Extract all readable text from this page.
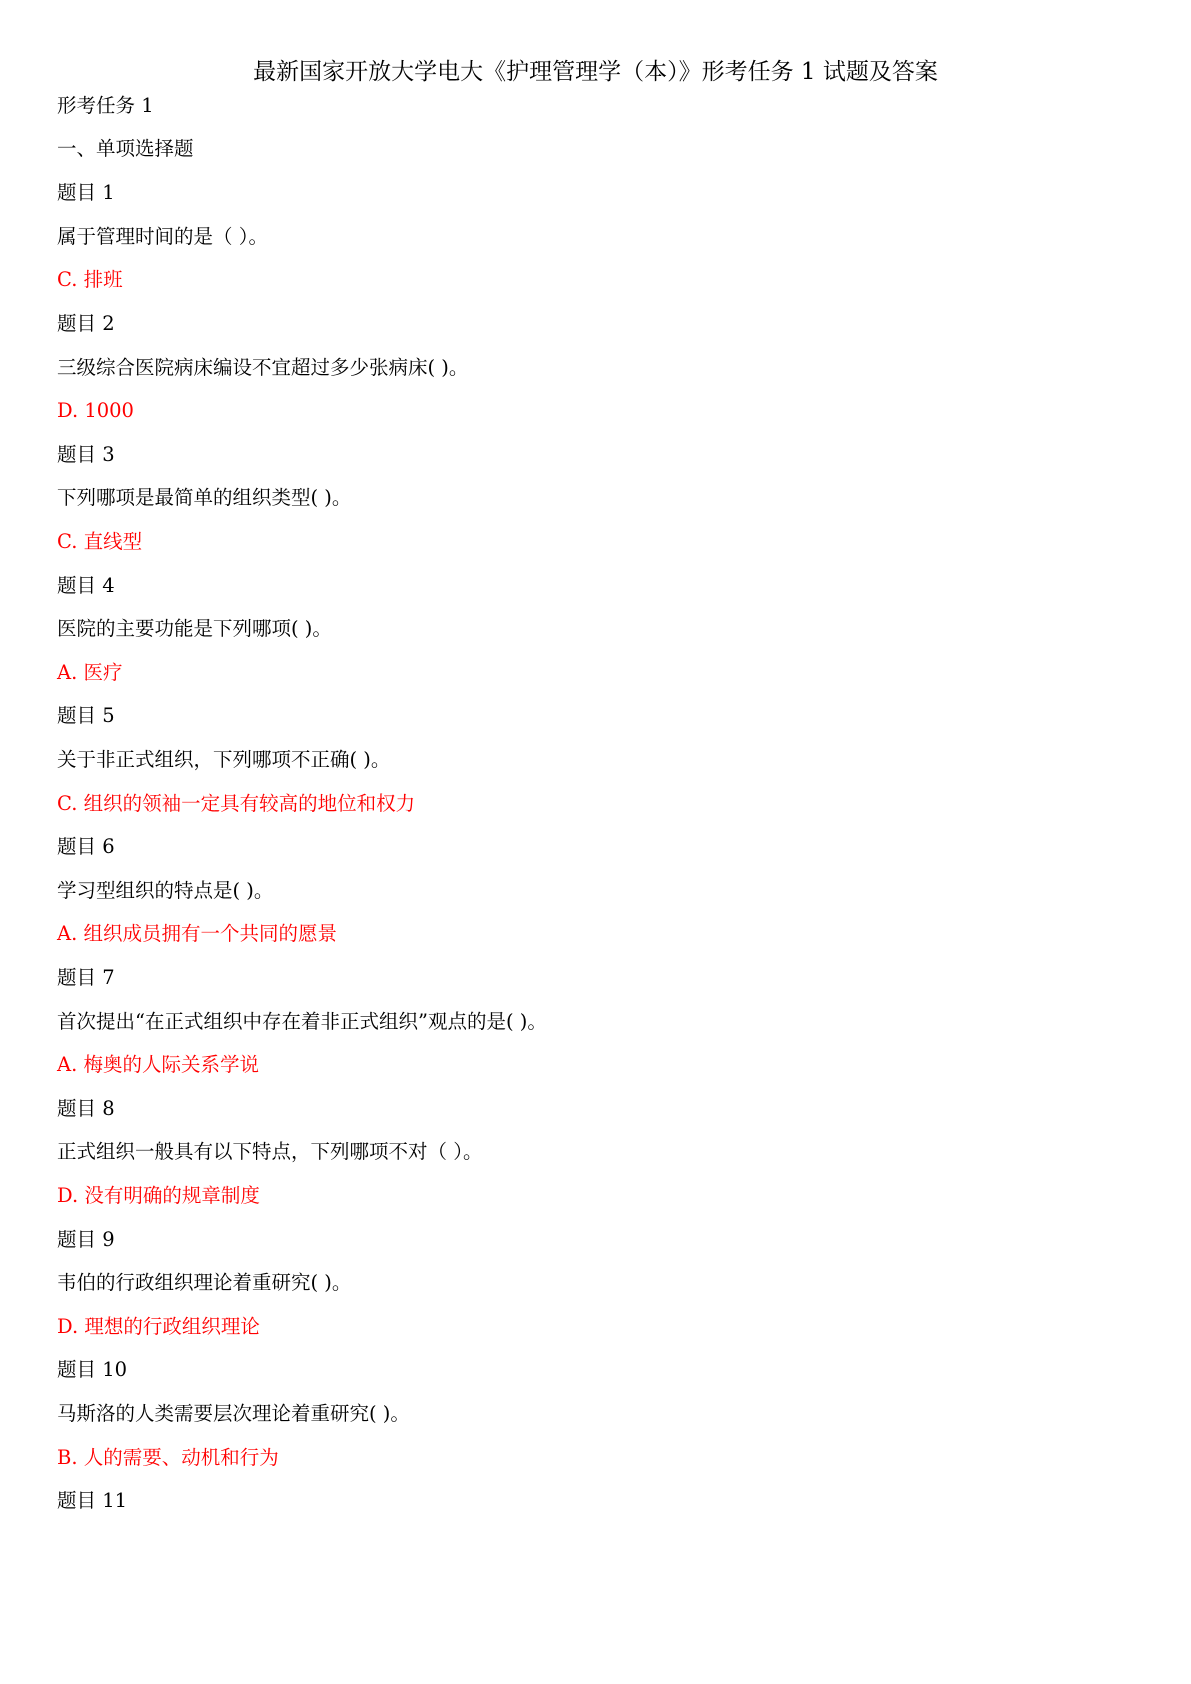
最新国家开放大学电大《护理管理学（本）》形考任务 1 试题及答案
形考任务 1
一、单项选择题
题目 1
属于管理时间的是（ ）。
C. 排班
题目 2
三级综合医院病床编设不宜超过多少张病床( )。
D. 1000
题目 3
下列哪项是最简单的组织类型( )。
C. 直线型
题目 4
医院的主要功能是下列哪项( )。
A. 医疗
题目 5
关于非正式组织，下列哪项不正确( )。
C. 组织的领袖一定具有较高的地位和权力
题目 6
学习型组织的特点是( )。
A. 组织成员拥有一个共同的愿景
题目 7
首次提出“在正式组织中存在着非正式组织”观点的是( )。
A. 梅奥的人际关系学说
题目 8
正式组织一般具有以下特点，下列哪项不对（ ）。
D. 没有明确的规章制度
题目 9
韦伯的行政组织理论着重研究( )。
D. 理想的行政组织理论
题目 10
马斯洛的人类需要层次理论着重研究( )。
B. 人的需要、动机和行为
题目 11
